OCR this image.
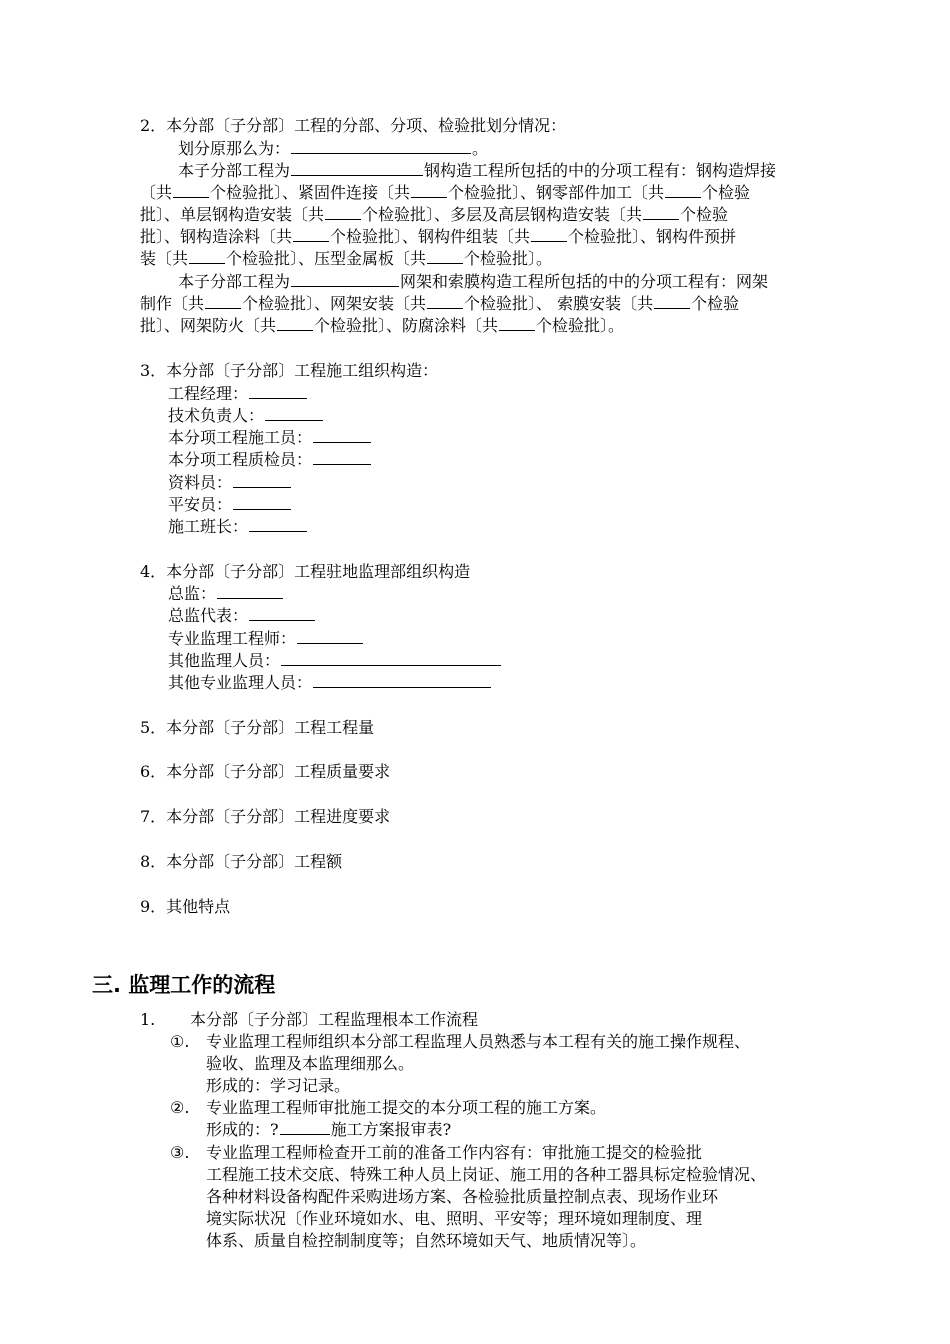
2．本分部〔子分部〕工程的分部、分项、检验批划分情况：
划分原那么为：	。
本子分部工程为	钢构造工程所包括的中的分项工程有：钢构造焊接
〔共 个检验批〕、紧固件连接〔共 个检验批〕、钢零部件加工〔共 个检验
批〕、单层钢构造安装〔共 个检验批〕、多层及高层钢构造安装〔共 个检验
批〕、钢构造涂料〔共 个检验批〕、钢构件组装〔共 个检验批〕、钢构件预拼
装〔共 个检验批〕、压型金属板〔共 个检验批〕。
本子分部工程为	网架和索膜构造工程所包括的中的分项工程有：网架
制作〔共 个检验批〕、网架安装〔共 个检验批〕、 索膜安装〔共 个检验
批〕、网架防火〔共 个检验批〕、防腐涂料〔共 个检验批〕。
3．本分部〔子分部〕工程施工组织构造：
工程经理：
技术负责人：
本分项工程施工员：
本分项工程质检员：
资料员：
平安员：
施工班长：
4．本分部〔子分部〕工程驻地监理部组织构造
总监：
总监代表：
专业监理工程师：
其他监理人员：
其他专业监理人员：
5．本分部〔子分部〕工程工程量
6．本分部〔子分部〕工程质量要求
7．本分部〔子分部〕工程进度要求
8．本分部〔子分部〕工程额
9．其他特点
三. 监理工作的流程
1. 本分部〔子分部〕工程监理根本工作流程
①. 专业监理工程师组织本分部工程监理人员熟悉与本工程有关的施工操作规程、
验收、监理及本监理细那么。
形成的：学习记录。
②. 专业监理工程师审批施工提交的本分项工程的施工方案。
形成的：?	施工方案报审表?
③. 专业监理工程师检查开工前的准备工作内容有：审批施工提交的检验批
工程施工技术交底、特殊工种人员上岗证、施工用的各种工器具标定检验情况、
各种材料设备构配件采购进场方案、各检验批质量控制点表、现场作业环
境实际状况〔作业环境如水、电、照明、平安等；理环境如理制度、理
体系、质量自检控制制度等；自然环境如天气、地质情况等〕。
